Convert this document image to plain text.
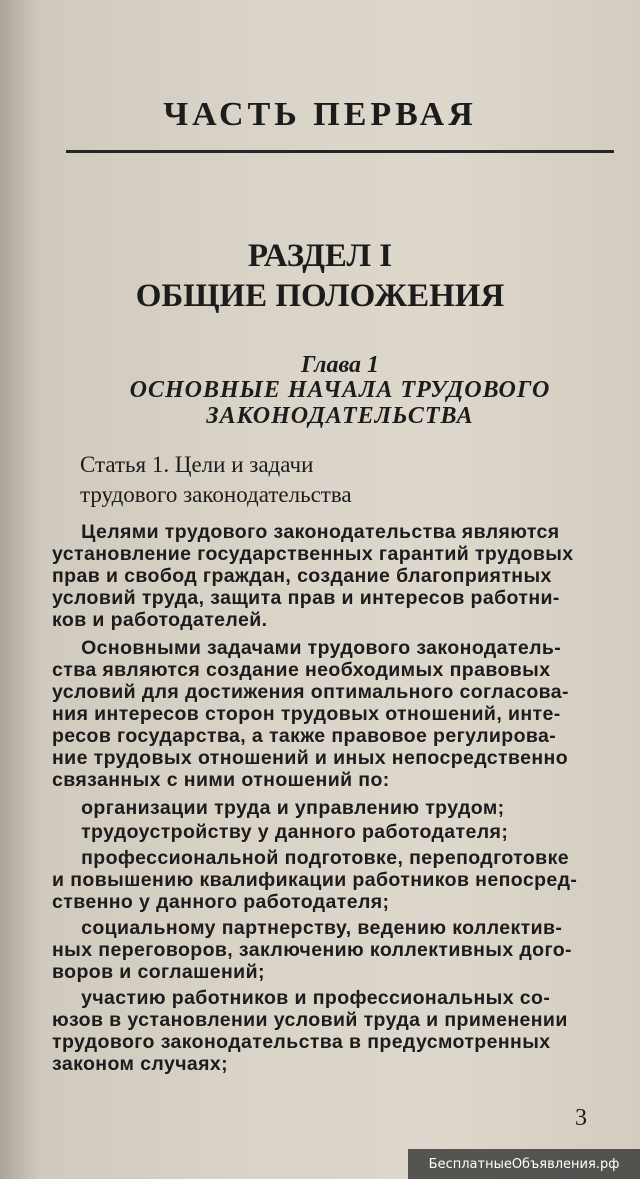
ЧАСТЬ ПЕРВАЯ
РАЗДЕЛ I
ОБЩИЕ ПОЛОЖЕНИЯ
Глава 1
ОСНОВНЫЕ НАЧАЛА ТРУДОВОГО
ЗАКОНОДАТЕЛЬСТВА
Статья 1. Цели и задачи
трудового законодательства
Целями трудового законодательства являются
установление государственных гарантий трудовых
прав и свобод граждан, создание благоприятных
условий труда, защита прав и интересов работни-
ков и работодателей.
Основными задачами трудового законодатель-
ства являются создание необходимых правовых
условий для достижения оптимального согласова-
ния интересов сторон трудовых отношений, инте-
ресов государства, а также правовое регулирова-
ние трудовых отношений и иных непосредственно
связанных с ними отношений по:
организации труда и управлению трудом;
трудоустройству у данного работодателя;
профессиональной подготовке, переподготовке
и повышению квалификации работников непосред-
ственно у данного работодателя;
социальному партнерству, ведению коллектив-
ных переговоров, заключению коллективных дого-
воров и соглашений;
участию работников и профессиональных со-
юзов в установлении условий труда и применении
трудового законодательства в предусмотренных
законом случаях;
3
БесплатныеОбъявления.рф
